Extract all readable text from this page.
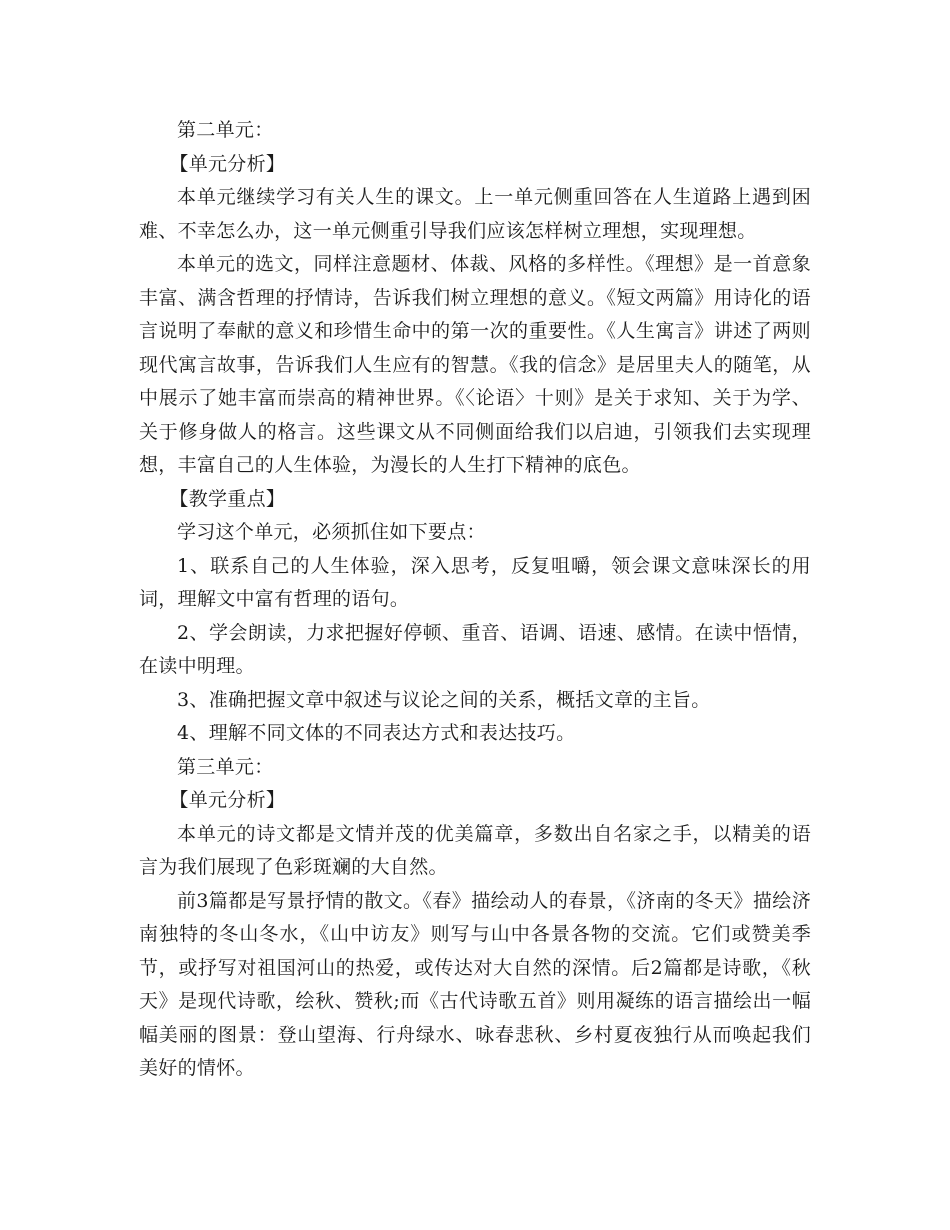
第二单元：

【单元分析】

本单元继续学习有关人生的课文。上一单元侧重回答在人生道路上遇到困难、不幸怎么办，这一单元侧重引导我们应该怎样树立理想，实现理想。

本单元的选文，同样注意题材、体裁、风格的多样性。《理想》是一首意象丰富、满含哲理的抒情诗，告诉我们树立理想的意义。《短文两篇》用诗化的语言说明了奉献的意义和珍惜生命中的第一次的重要性。《人生寓言》讲述了两则现代寓言故事，告诉我们人生应有的智慧。《我的信念》是居里夫人的随笔，从中展示了她丰富而崇高的精神世界。《〈论语〉十则》是关于求知、关于为学、关于修身做人的格言。这些课文从不同侧面给我们以启迪，引领我们去实现理想，丰富自己的人生体验，为漫长的人生打下精神的底色。

【教学重点】

学习这个单元，必须抓住如下要点：

1、联系自己的人生体验，深入思考，反复咀嚼，领会课文意味深长的用词，理解文中富有哲理的语句。

2、学会朗读，力求把握好停顿、重音、语调、语速、感情。在读中悟情，在读中明理。

3、准确把握文章中叙述与议论之间的关系，概括文章的主旨。

4、理解不同文体的不同表达方式和表达技巧。

第三单元：

【单元分析】

本单元的诗文都是文情并茂的优美篇章，多数出自名家之手，以精美的语言为我们展现了色彩斑斓的大自然。

前3篇都是写景抒情的散文。《春》描绘动人的春景，《济南的冬天》描绘济南独特的冬山冬水，《山中访友》则写与山中各景各物的交流。它们或赞美季节，或抒写对祖国河山的热爱，或传达对大自然的深情。后2篇都是诗歌，《秋天》是现代诗歌，绘秋、赞秋;而《古代诗歌五首》则用凝练的语言描绘出一幅幅美丽的图景：登山望海、行舟绿水、咏春悲秋、乡村夏夜独行从而唤起我们美好的情怀。
